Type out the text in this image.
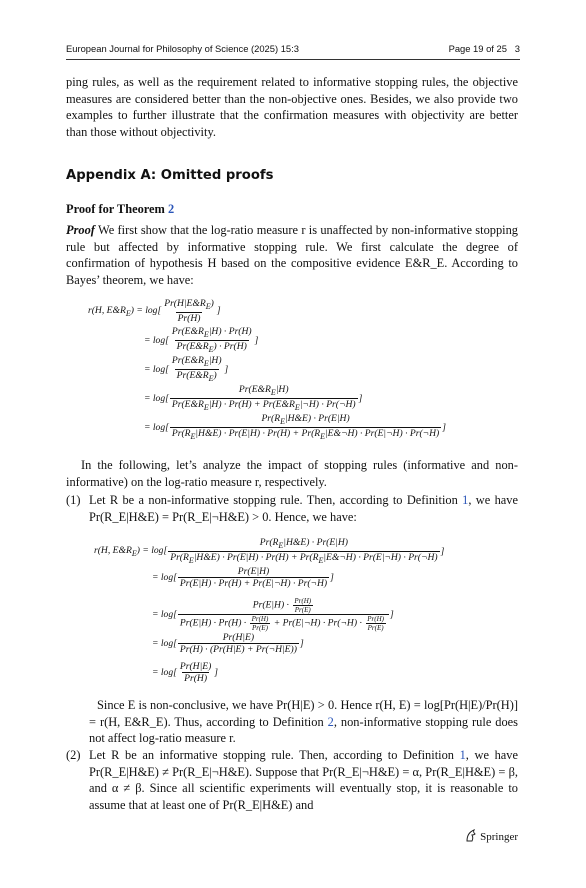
European Journal for Philosophy of Science (2025) 15:3	Page 19 of 25 3

ping rules, as well as the requirement related to informative stopping rules, the objective measures are considered better than the non-objective ones. Besides, we also provide two examples to further illustrate that the confirmation measures with objectivity are better than those without objectivity.

Appendix A: Omitted proofs
Proof for Theorem 2

Proof We first show that the log-ratio measure r is unaffected by non-informative stopping rule but affected by informative stopping rule. We first calculate the degree of confirmation of hypothesis H based on the compositive evidence E&R_E. According to Bayes’ theorem, we have:

r(H, $E\&R_E) = \log[ \frac{Pr(H|E\&R_E)}{Pr(H)}$ ]
= $\log[ \frac{Pr(E\&R_E|H) \cdot Pr(H)}{Pr(E\&R_E) \cdot Pr(H)}$ ]
= $\log[ \frac{Pr(E\&R_E|H)}{Pr(E\&R_E)}$ ]
= $\log[ \frac{Pr(E\&R_E|H)}{Pr(E\&R_E|H) \cdot Pr(H) + Pr(E\&R_E|\neg H) \cdot Pr(\neg H)}$ ]
= log[
$Pr(R_E|H\&E) \cdot Pr(E|H)$
$Pr(R_E|H\&E) \cdot Pr(E|H) \cdot Pr(H)$ + $Pr(R_E|E\&\neg H)$ · Pr(E|¬H) · Pr(¬H)
]

In the following, let’s analyze the impact of stopping rules (informative and non-informative) on the log-ratio measure r, respectively.

(1) Let R be a non-informative stopping rule. Then, according to Definition 1, we have Pr(R_E|H&E) = Pr(R_E|¬H&E) > 0. Hence, we have:
r(H, $E\&R_E) = \log$[
$Pr(R_E|H\&E) \cdot Pr(E|H)$
$Pr(R_E|H\&E) \cdot Pr(E|H) \cdot Pr(H)$ + $Pr(R_E|E\&\neg H)$ · Pr(E|¬H) · Pr(¬H)
]
= $\log[ \frac{Pr(E|H)}{Pr(E|H) \cdot Pr(H) + Pr(E|\neg H) \cdot Pr(\neg H)}$ ]
= log[
$Pr(E|H) \cdot \frac{Pr(H)}{Pr(E)}$
$Pr(E|H) \cdot Pr(H) \cdot \frac{Pr(H)}{Pr(E)}$ + Pr(E|¬H) · Pr(¬H) · $\frac{Pr(H)}{Pr(E)}$
]
= $\log[ \frac{Pr(H|E)}{Pr(H) \cdot (Pr(H|E) + Pr(\neg H|E))}$ ]
= $\log[ \frac{Pr(H|E)}{Pr(H)}$ ]
Since E is non-conclusive, we have Pr(H|E) > 0. Hence r(H, E) = log[Pr(H|E)/Pr(H)] = r(H, E&R_E). Thus, according to Definition 2, non-informative stopping rule does not affect log-ratio measure r.
(2) Let R be an informative stopping rule. Then, according to Definition 1, we have Pr(R_E|H&E) ≠ Pr(R_E|¬H&E). Suppose that Pr(R_E|¬H&E) = α, Pr(R_E|H&E) = β, and α ≠ β. Since all scientific experiments will eventually stop, it is reasonable to assume that at least one of Pr(R_E|H&E) and
Springer
